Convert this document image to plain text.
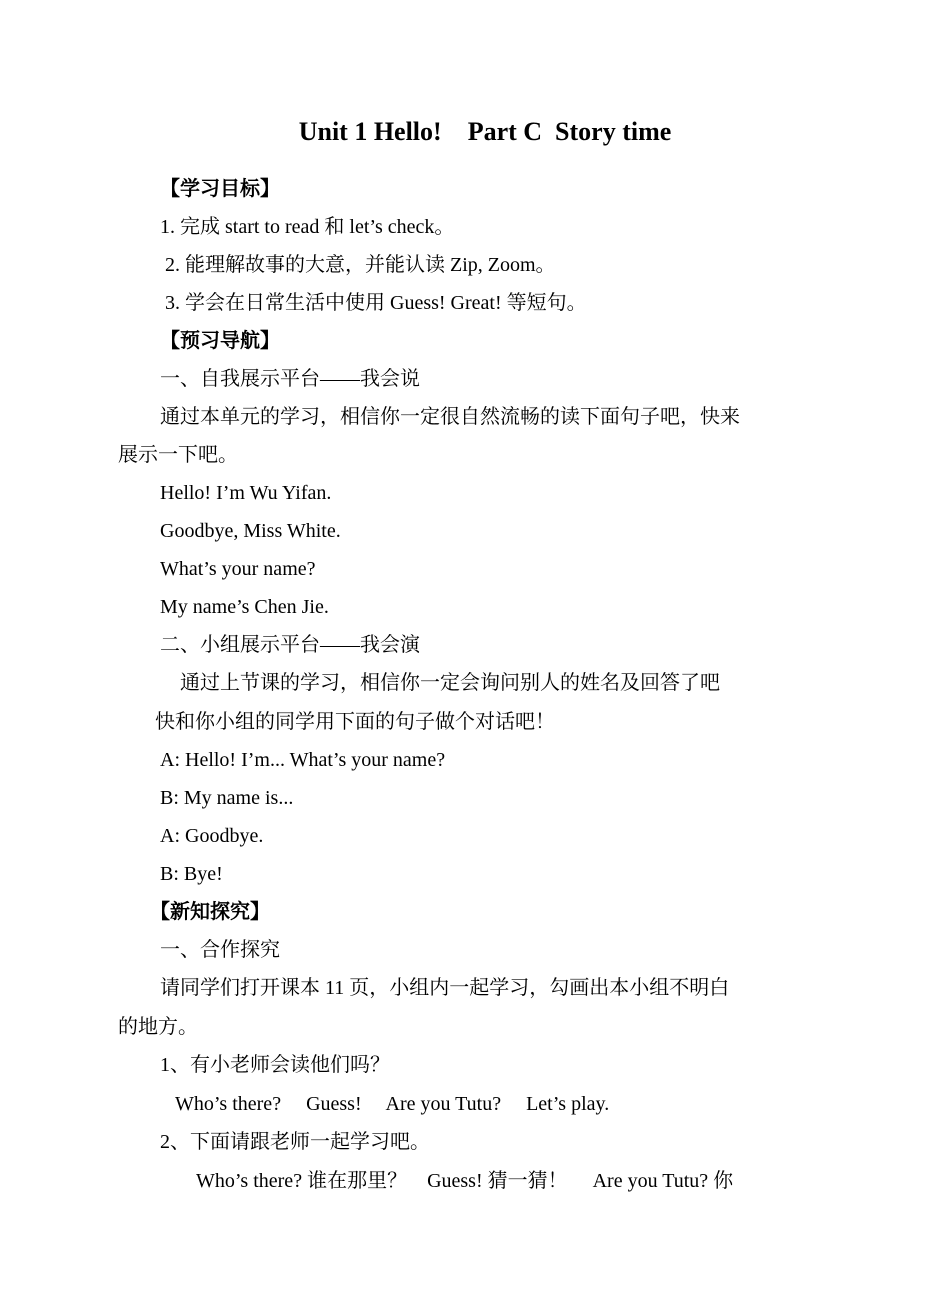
Unit 1 Hello!    Part C  Story time
【学习目标】
1. 完成 start to read 和 let’s check。
2. 能理解故事的大意，并能认读 Zip, Zoom。
3. 学会在日常生活中使用 Guess! Great! 等短句。
【预习导航】
一、自我展示平台——我会说
通过本单元的学习，相信你一定很自然流畅的读下面句子吧，快来
展示一下吧。
Hello! I’m Wu Yifan.
Goodbye, Miss White.
What’s your name?
My name’s Chen Jie.
二、小组展示平台——我会演
通过上节课的学习，相信你一定会询问别人的姓名及回答了吧
快和你小组的同学用下面的句子做个对话吧！
A: Hello! I’m... What’s your name?
B: My name is...
A: Goodbye.
B: Bye!
【新知探究】
一、合作探究
请同学们打开课本 11 页，小组内一起学习，勾画出本小组不明白
的地方。
1、有小老师会读他们吗？
Who’s there?     Guess!     Are you Tutu?     Let’s play.
2、下面请跟老师一起学习吧。
Who’s there? 谁在那里？    Guess! 猜一猜！     Are you Tutu? 你
